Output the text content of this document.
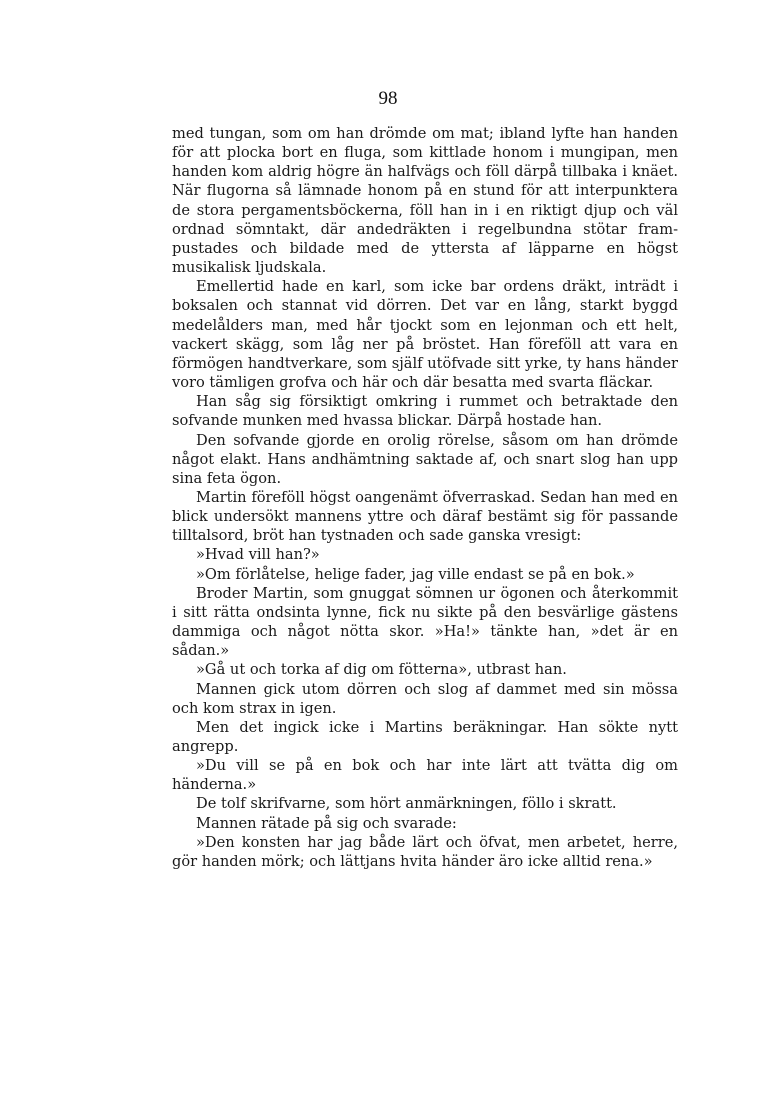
98

med tungan, som om han drömde om mat; ibland lyfte han handen för att plocka bort en fluga, som kittlade honom i mungipan, men handen kom aldrig högre än halfvägs och föll därpå tillbaka i knäet. När flugorna så lämnade honom på en stund för att interpunktera de stora pergamentsböckerna, föll han in i en riktigt djup och väl ordnad sömntakt, där andedräkten i regelbundna stötar frampustades och bildade med de yttersta af läpparne en högst musikalisk ljudskala.

Emellertid hade en karl, som icke bar ordens dräkt, inträdt i boksalen och stannat vid dörren. Det var en lång, starkt byggd medelålders man, med hår tjockt som en lejonman och ett helt, vackert skägg, som låg ner på bröstet. Han föreföll att vara en förmögen handtverkare, som själf utöfvade sitt yrke, ty hans händer voro tämligen grofva och här och där besatta med svarta fläckar.

Han såg sig försiktigt omkring i rummet och betraktade den sofvande munken med hvassa blickar. Därpå hostade han.

Den sofvande gjorde en orolig rörelse, såsom om han drömde något elakt. Hans andhämtning saktade af, och snart slog han upp sina feta ögon.

Martin föreföll högst oangenämt öfverraskad. Sedan han med en blick undersökt mannens yttre och däraf bestämt sig för passande tilltalsord, bröt han tystnaden och sade ganska vresigt:

»Hvad vill han?»

»Om förlåtelse, helige fader, jag ville endast se på en bok.»

Broder Martin, som gnuggat sömnen ur ögonen och återkommit i sitt rätta ondsinta lynne, fick nu sikte på den besvärlige gästens dammiga och något nötta skor. »Ha!» tänkte han, »det är en sådan.»

»Gå ut och torka af dig om fötterna», utbrast han.

Mannen gick utom dörren och slog af dammet med sin mössa och kom strax in igen.

Men det ingick icke i Martins beräkningar. Han sökte nytt angrepp.

»Du vill se på en bok och har inte lärt att tvätta dig om händerna.»

De tolf skrifvarne, som hört anmärkningen, föllo i skratt.

Mannen rätade på sig och svarade:

»Den konsten har jag både lärt och öfvat, men arbetet, herre, gör handen mörk; och lättjans hvita händer äro icke alltid rena.»
